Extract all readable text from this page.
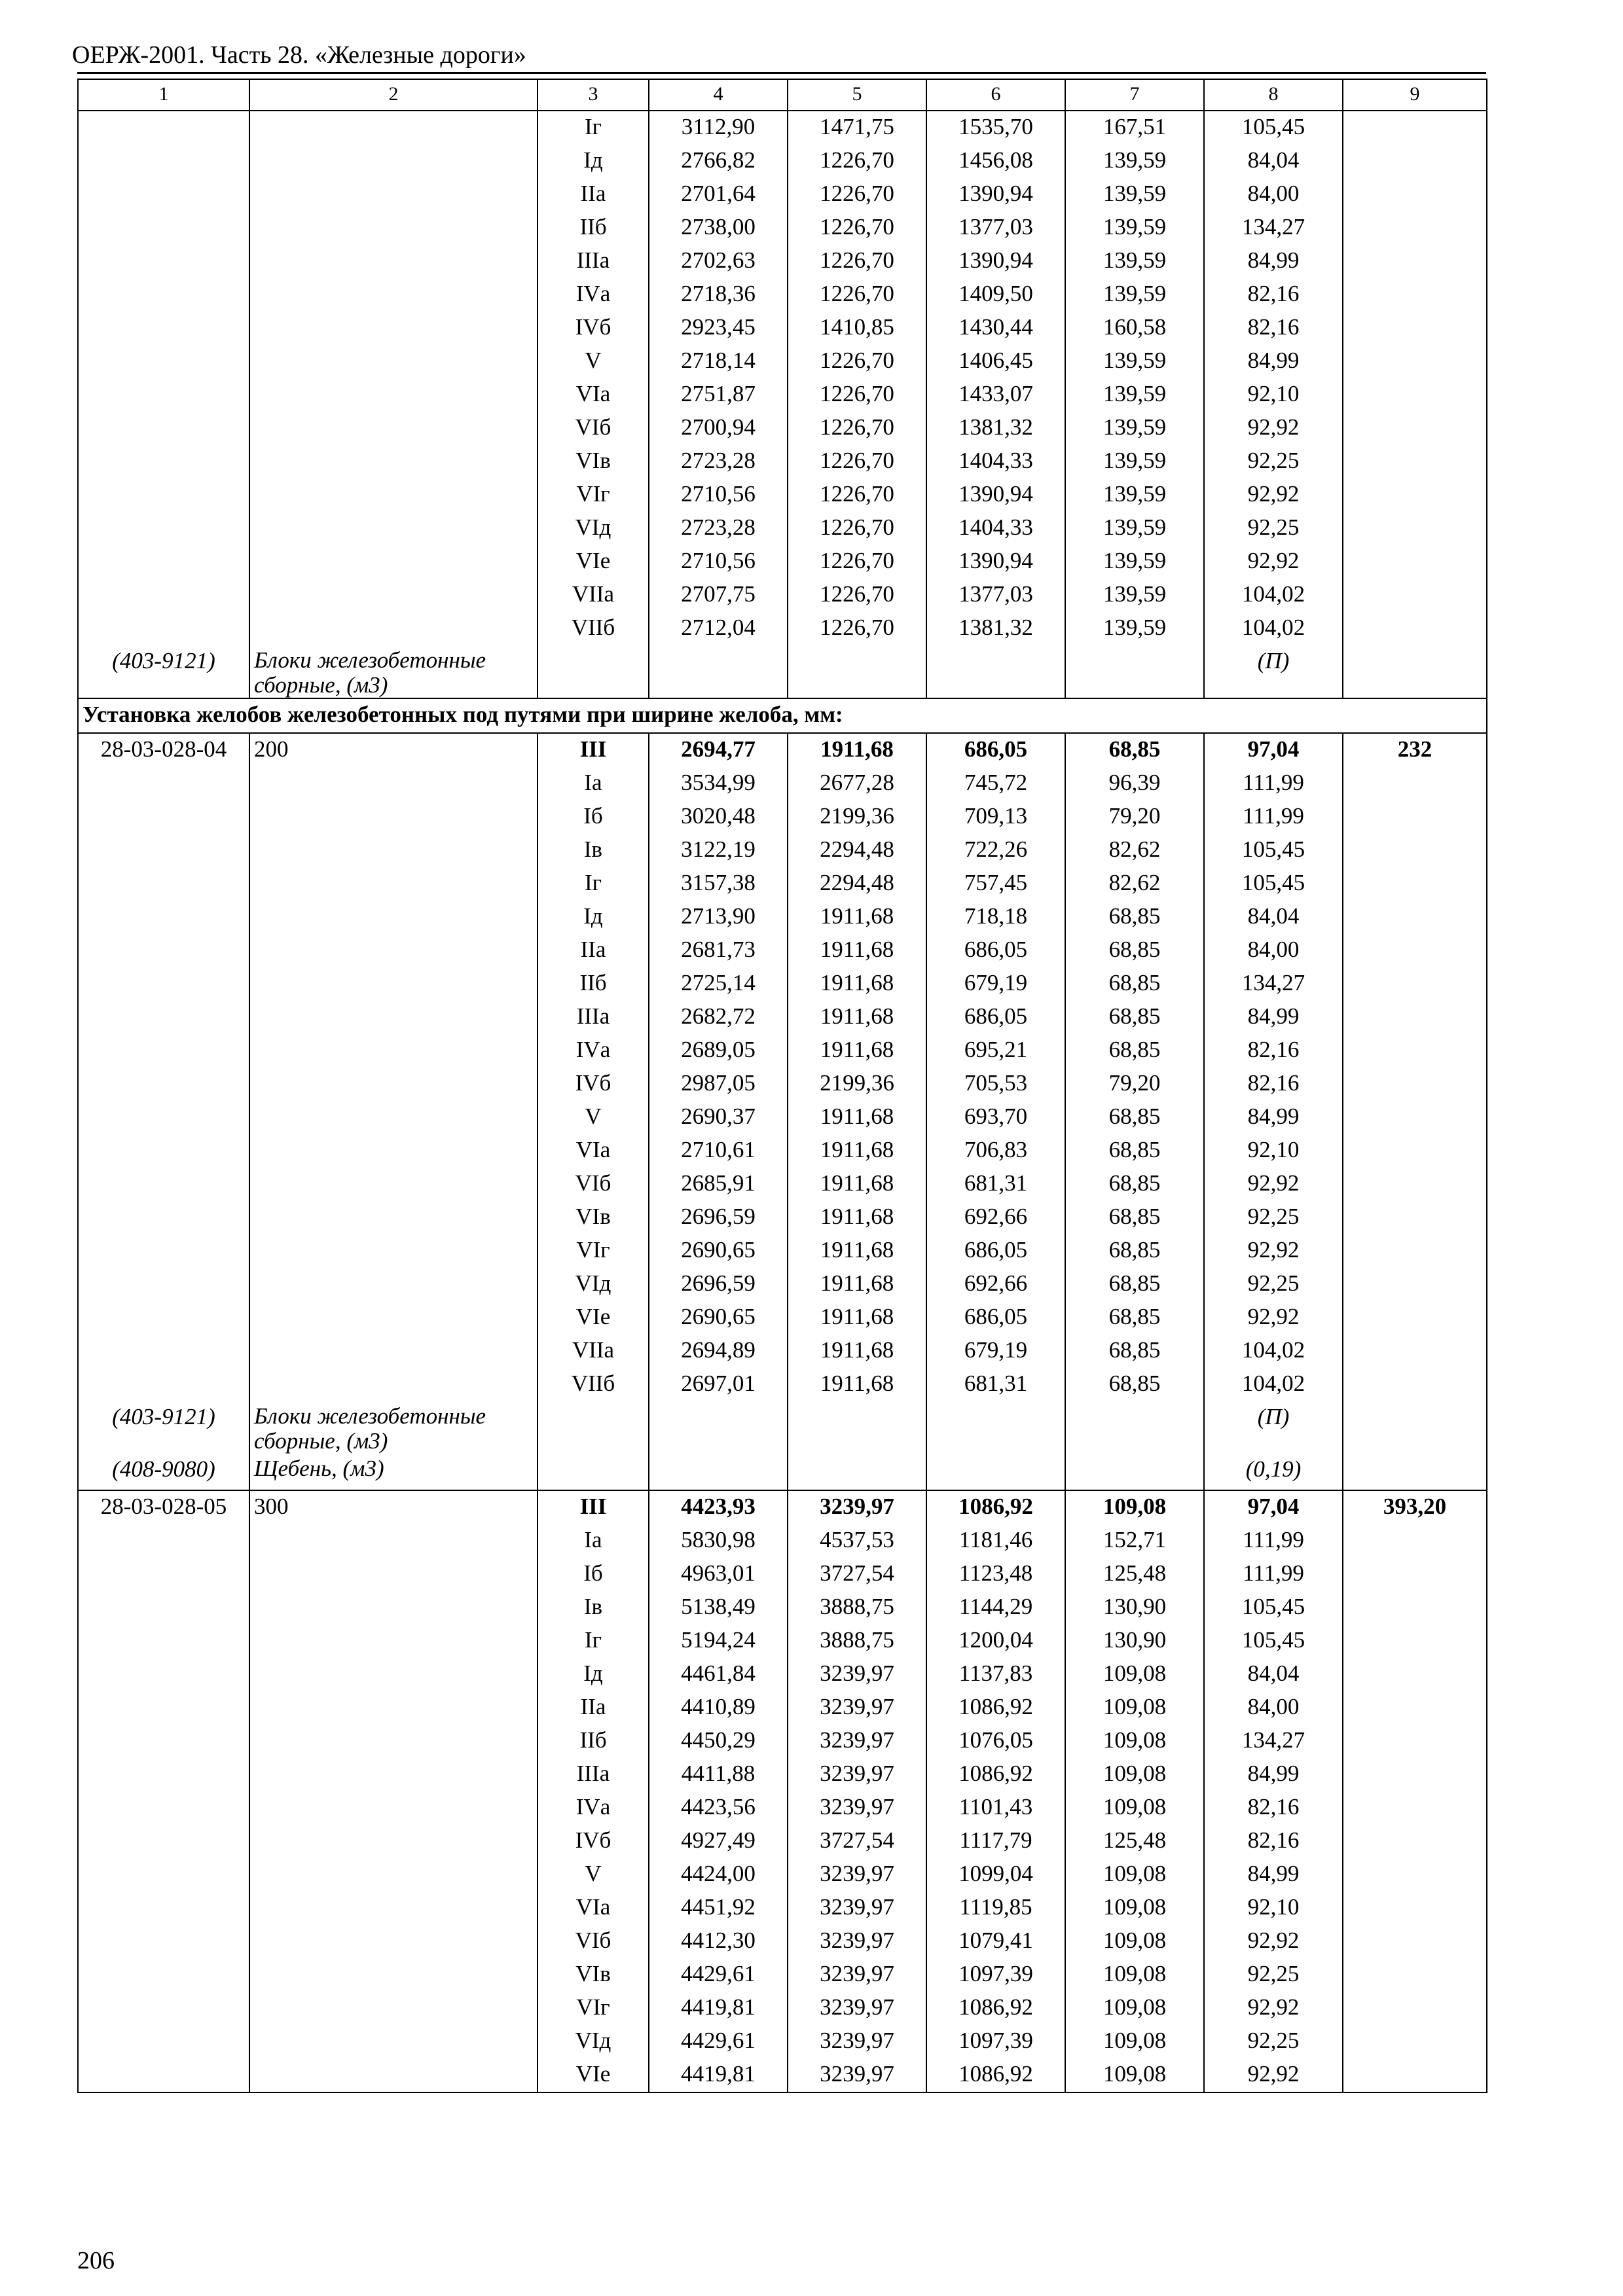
ОЕРЖ-2001. Часть 28. «Железные дороги»
1	2	3	4	5	6	7	8	9
		Iг	3112,90	1471,75	1535,70	167,51	105,45	
		Iд	2766,82	1226,70	1456,08	139,59	84,04	
		IIа	2701,64	1226,70	1390,94	139,59	84,00	
		IIб	2738,00	1226,70	1377,03	139,59	134,27	
		IIIа	2702,63	1226,70	1390,94	139,59	84,99	
		IVа	2718,36	1226,70	1409,50	139,59	82,16	
		IVб	2923,45	1410,85	1430,44	160,58	82,16	
		V	2718,14	1226,70	1406,45	139,59	84,99	
		VIа	2751,87	1226,70	1433,07	139,59	92,10	
		VIб	2700,94	1226,70	1381,32	139,59	92,92	
		VIв	2723,28	1226,70	1404,33	139,59	92,25	
		VIг	2710,56	1226,70	1390,94	139,59	92,92	
		VIд	2723,28	1226,70	1404,33	139,59	92,25	
		VIе	2710,56	1226,70	1390,94	139,59	92,92	
		VIIа	2707,75	1226,70	1377,03	139,59	104,02	
		VIIб	2712,04	1226,70	1381,32	139,59	104,02	
(403-9121)	Блоки железобетонные сборные, (м3)						(П)	
Установка желобов железобетонных под путями при ширине желоба, мм:								
28-03-028-04	200	III	2694,77	1911,68	686,05	68,85	97,04	232
		Iа	3534,99	2677,28	745,72	96,39	111,99	
		Iб	3020,48	2199,36	709,13	79,20	111,99	
		Iв	3122,19	2294,48	722,26	82,62	105,45	
		Iг	3157,38	2294,48	757,45	82,62	105,45	
		Iд	2713,90	1911,68	718,18	68,85	84,04	
		IIа	2681,73	1911,68	686,05	68,85	84,00	
		IIб	2725,14	1911,68	679,19	68,85	134,27	
		IIIа	2682,72	1911,68	686,05	68,85	84,99	
		IVа	2689,05	1911,68	695,21	68,85	82,16	
		IVб	2987,05	2199,36	705,53	79,20	82,16	
		V	2690,37	1911,68	693,70	68,85	84,99	
		VIа	2710,61	1911,68	706,83	68,85	92,10	
		VIб	2685,91	1911,68	681,31	68,85	92,92	
		VIв	2696,59	1911,68	692,66	68,85	92,25	
		VIг	2690,65	1911,68	686,05	68,85	92,92	
		VIд	2696,59	1911,68	692,66	68,85	92,25	
		VIе	2690,65	1911,68	686,05	68,85	92,92	
		VIIа	2694,89	1911,68	679,19	68,85	104,02	
		VIIб	2697,01	1911,68	681,31	68,85	104,02	
(403-9121)	Блоки железобетонные сборные, (м3)						(П)	
(408-9080)	Щебень, (м3)						(0,19)	
28-03-028-05	300	III	4423,93	3239,97	1086,92	109,08	97,04	393,20
		Iа	5830,98	4537,53	1181,46	152,71	111,99	
		Iб	4963,01	3727,54	1123,48	125,48	111,99	
		Iв	5138,49	3888,75	1144,29	130,90	105,45	
		Iг	5194,24	3888,75	1200,04	130,90	105,45	
		Iд	4461,84	3239,97	1137,83	109,08	84,04	
		IIа	4410,89	3239,97	1086,92	109,08	84,00	
		IIб	4450,29	3239,97	1076,05	109,08	134,27	
		IIIа	4411,88	3239,97	1086,92	109,08	84,99	
		IVа	4423,56	3239,97	1101,43	109,08	82,16	
		IVб	4927,49	3727,54	1117,79	125,48	82,16	
		V	4424,00	3239,97	1099,04	109,08	84,99	
		VIа	4451,92	3239,97	1119,85	109,08	92,10	
		VIб	4412,30	3239,97	1079,41	109,08	92,92	
		VIв	4429,61	3239,97	1097,39	109,08	92,25	
		VIг	4419,81	3239,97	1086,92	109,08	92,92	
		VIд	4429,61	3239,97	1097,39	109,08	92,25	
		VIе	4419,81	3239,97	1086,92	109,08	92,92	
206
